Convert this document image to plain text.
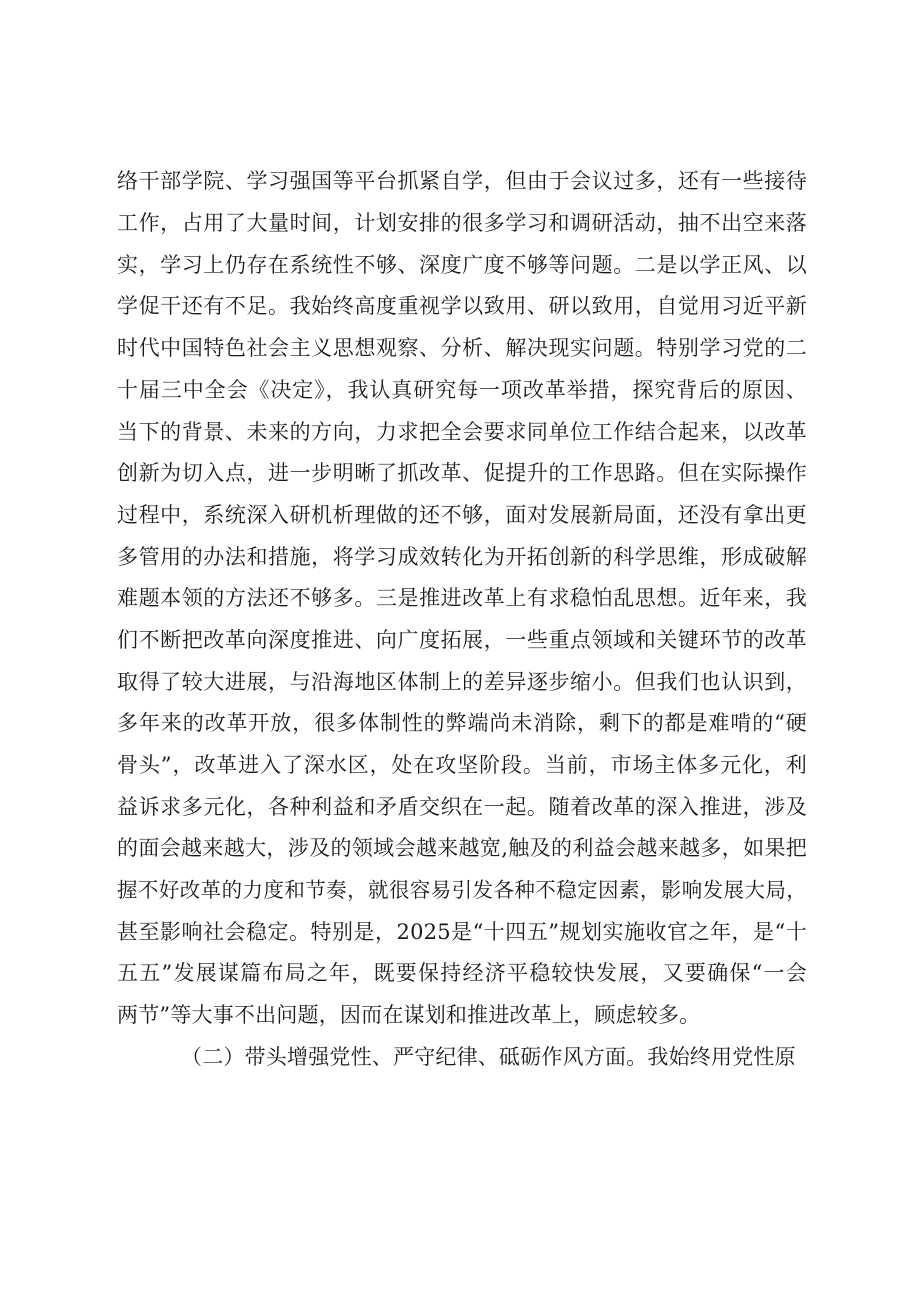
络干部学院、学习强国等平台抓紧自学，但由于会议过多，还有一些接待
工作，占用了大量时间，计划安排的很多学习和调研活动，抽不出空来落
实，学习上仍存在系统性不够、深度广度不够等问题。二是以学正风、以
学促干还有不足。我始终高度重视学以致用、研以致用，自觉用习近平新
时代中国特色社会主义思想观察、分析、解决现实问题。特别学习党的二
十届三中全会《决定》，我认真研究每一项改革举措，探究背后的原因、
当下的背景、未来的方向，力求把全会要求同单位工作结合起来，以改革
创新为切入点，进一步明晰了抓改革、促提升的工作思路。但在实际操作
过程中，系统深入研机析理做的还不够，面对发展新局面，还没有拿出更
多管用的办法和措施，将学习成效转化为开拓创新的科学思维，形成破解
难题本领的方法还不够多。三是推进改革上有求稳怕乱思想。近年来，我
们不断把改革向深度推进、向广度拓展，一些重点领域和关键环节的改革
取得了较大进展，与沿海地区体制上的差异逐步缩小。但我们也认识到，
多年来的改革开放，很多体制性的弊端尚未消除，剩下的都是难啃的“硬
骨头”，改革进入了深水区，处在攻坚阶段。当前，市场主体多元化，利
益诉求多元化，各种利益和矛盾交织在一起。随着改革的深入推进，涉及
的面会越来越大，涉及的领域会越来越宽,触及的利益会越来越多，如果把
握不好改革的力度和节奏，就很容易引发各种不稳定因素，影响发展大局，
甚至影响社会稳定。特别是，2025是“十四五”规划实施收官之年，是“十
五五”发展谋篇布局之年，既要保持经济平稳较快发展，又要确保“一会
两节”等大事不出问题，因而在谋划和推进改革上，顾虑较多。
（二）带头增强党性、严守纪律、砥砺作风方面。我始终用党性原
